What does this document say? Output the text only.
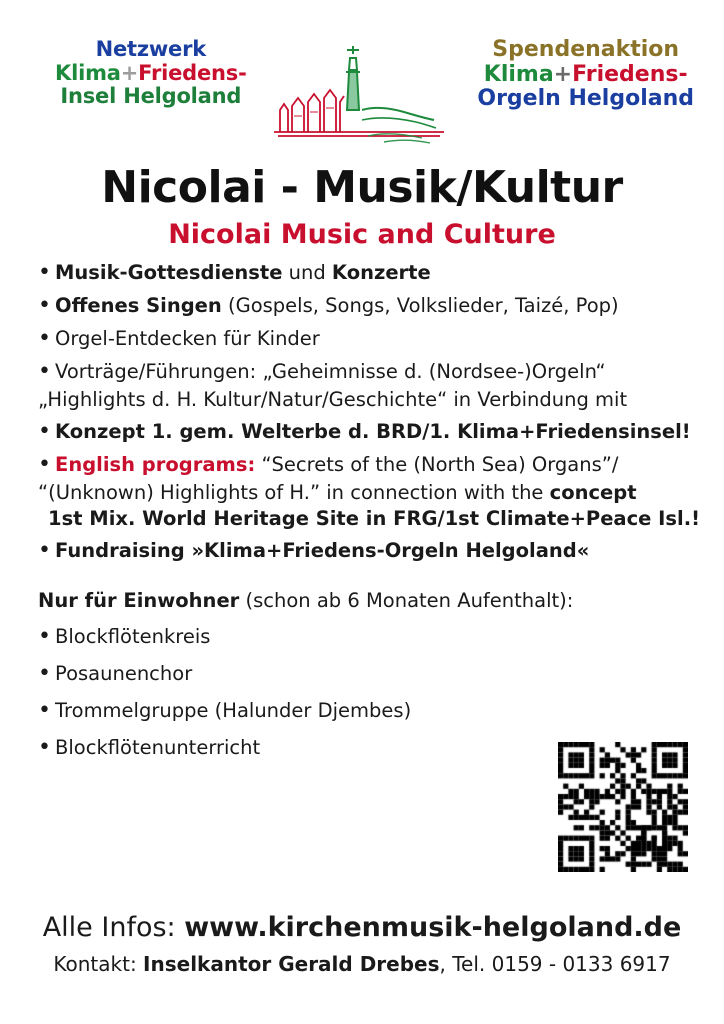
Netzwerk
Klima+Friedens-
Insel Helgoland
Spendenaktion
Klima+Friedens-
Orgeln Helgoland
Nicolai - Musik/Kultur
Nicolai Music and Culture
• Musik-Gottesdienste und Konzerte
• Offenes Singen (Gospels, Songs, Volkslieder, Taizé, Pop)
• Orgel-Entdecken für Kinder
• Vorträge/Führungen: „Geheimnisse d. (Nordsee-)Orgeln“
„Highlights d. H. Kultur/Natur/Geschichte“ in Verbindung mit
• Konzept 1. gem. Welterbe d. BRD/1. Klima+Friedensinsel!
• English programs: “Secrets of the (North Sea) Organs”/
“(Unknown) Highlights of H.” in connection with the concept
1st Mix. World Heritage Site in FRG/1st Climate+Peace Isl.!
• Fundraising »Klima+Friedens-Orgeln Helgoland«
Nur für Einwohner (schon ab 6 Monaten Aufenthalt):
• Blockflötenkreis
• Posaunenchor
• Trommelgruppe (Halunder Djembes)
• Blockflötenunterricht
Alle Infos: www.kirchenmusik-helgoland.de
Kontakt: Inselkantor Gerald Drebes, Tel. 0159 - 0133 6917
